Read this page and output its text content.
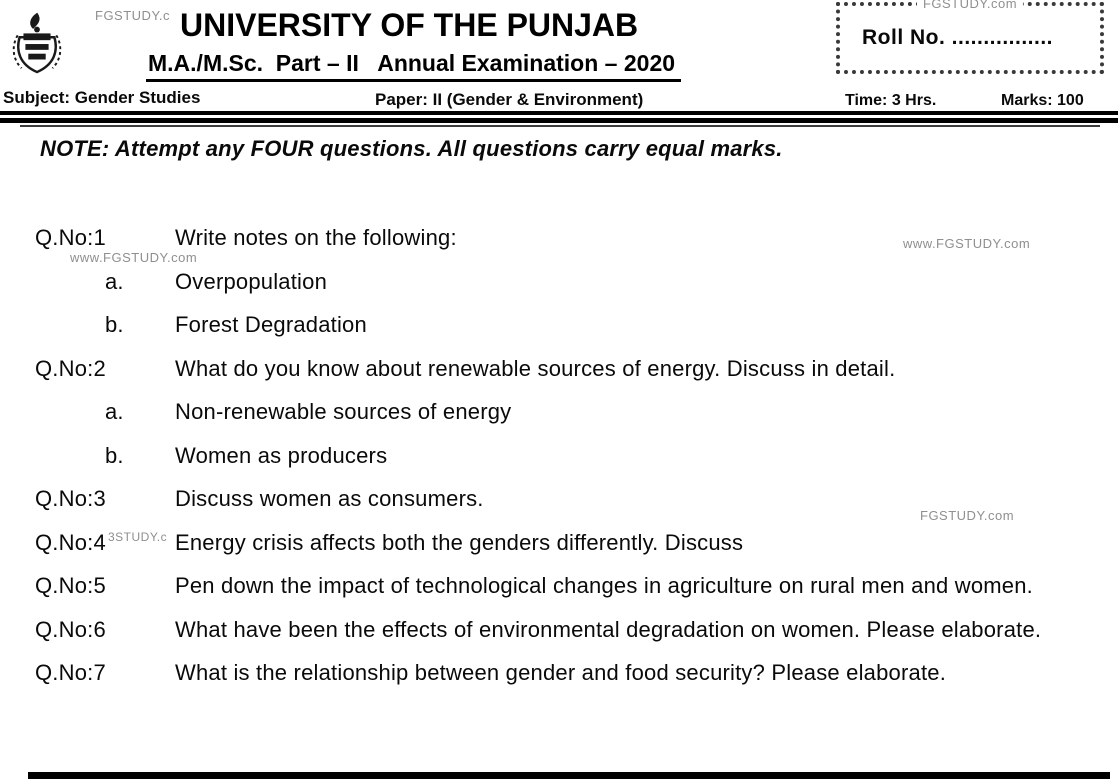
FGSTUDY.c UNIVERSITY OF THE PUNJAB
M.A./M.Sc.  Part – II   Annual Examination – 2020
Subject: Gender Studies	Paper: II (Gender & Environment)	Time: 3 Hrs.	Marks: 100
FGSTUDY.com
Roll No. ................
NOTE: Attempt any FOUR questions. All questions carry equal marks.
www.FGSTUDY.com
www.FGSTUDY.com
FGSTUDY.com
Q.No:1	Write notes on the following:
a.	Overpopulation
b.	Forest Degradation
Q.No:2	What do you know about renewable sources of energy. Discuss in detail.
a.	Non-renewable sources of energy
b.	Women as producers
Q.No:3	Discuss women as consumers.
Q.No:4 3STUDY.c Energy crisis affects both the genders differently. Discuss
Q.No:5	Pen down the impact of technological changes in agriculture on rural men and women.
Q.No:6	What have been the effects of environmental degradation on women. Please elaborate.
Q.No:7	What is the relationship between gender and food security? Please elaborate.
